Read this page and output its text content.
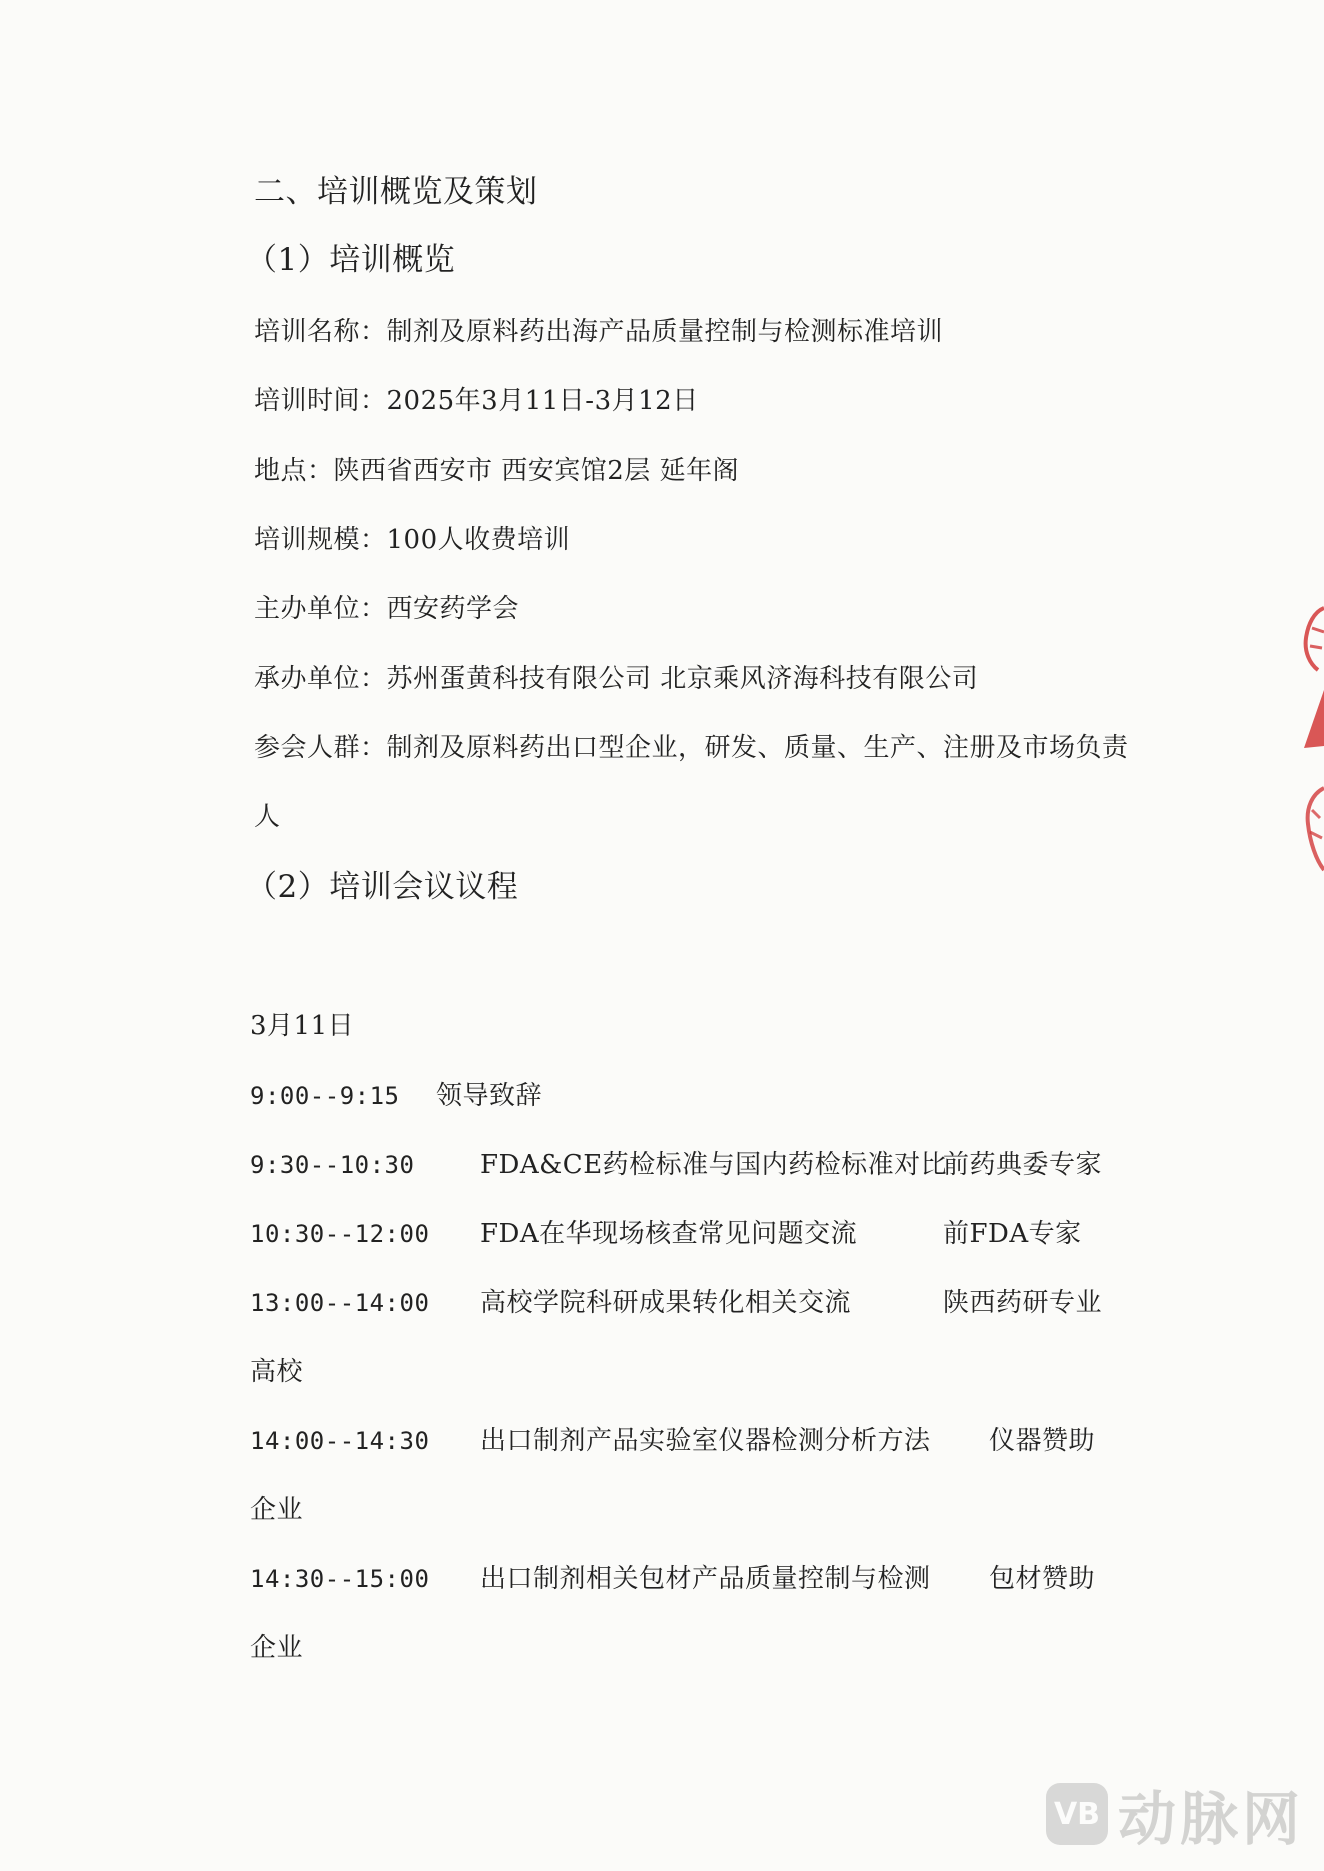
二、培训概览及策划
（1）培训概览
培训名称：制剂及原料药出海产品质量控制与检测标准培训
培训时间：2025年3月11日-3月12日
地点：陕西省西安市 西安宾馆2层 延年阁
培训规模：100人收费培训
主办单位：西安药学会
承办单位：苏州蛋黄科技有限公司 北京乘风济海科技有限公司
参会人群：制剂及原料药出口型企业，研发、质量、生产、注册及市场负责
人
（2）培训会议议程
3月11日
9:00--9:15 领导致辞
9:30--10:30	FDA&CE药检标准与国内药检标准对比
前药典委专家
10:30--12:00 FDA在华现场核查常见问题交流	前FDA专家
13:00--14:00 高校学院科研成果转化相关交流	陕西药研专业
高校
14:00--14:30 出口制剂产品实验室仪器检测分析方法 仪器赞助
企业
14:30--15:00 出口制剂相关包材产品质量控制与检测 包材赞助
企业
VB 动脉网
